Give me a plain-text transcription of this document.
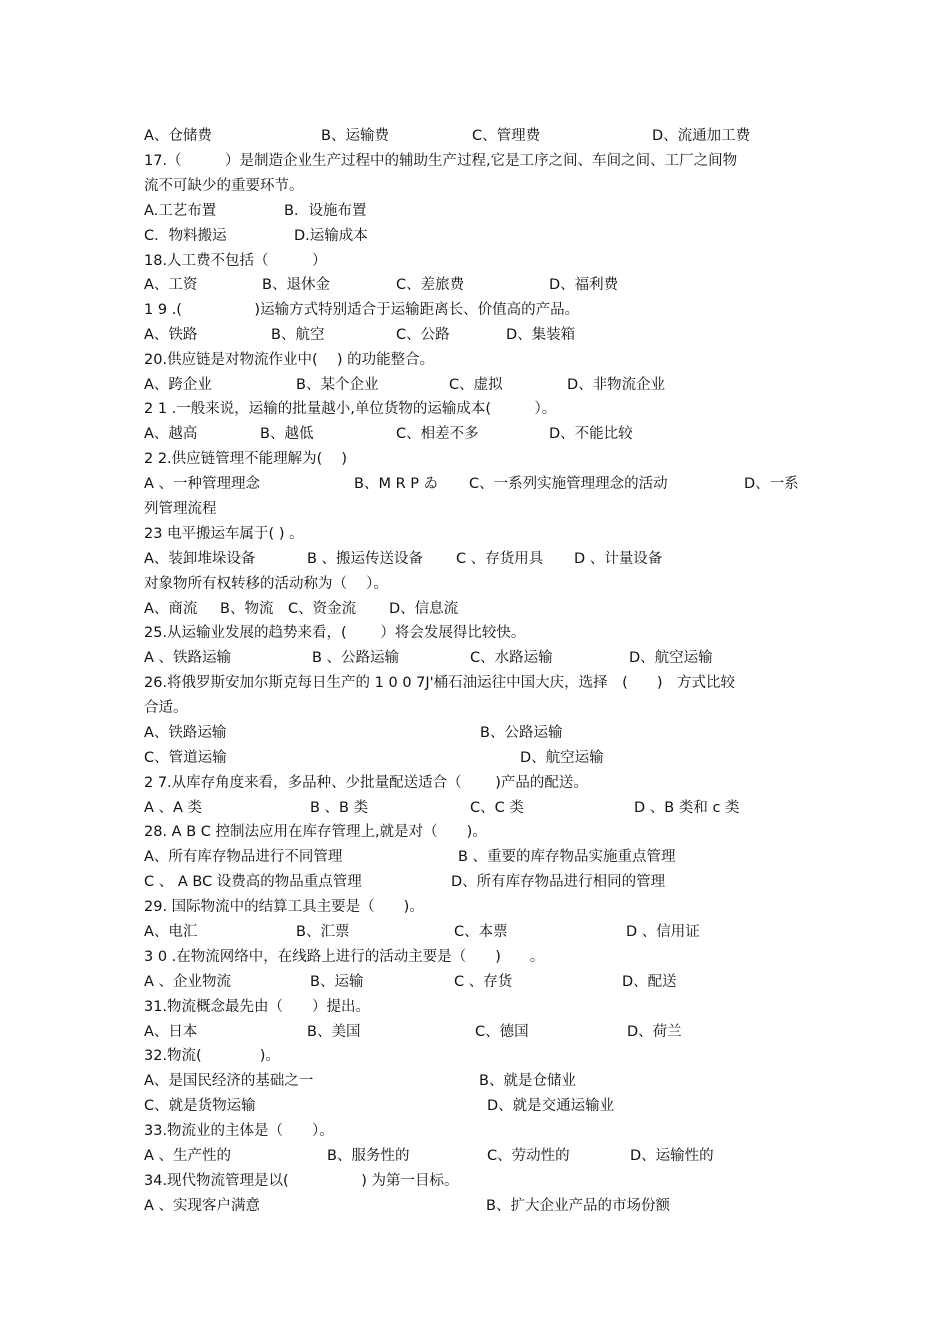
A、仓储费	B、运输费	C、管理费	D、流通加工费
17.（　　　）是制造企业生产过程中的辅助生产过程,它是工序之间、车间之间、工厂之间物
流不可缺少的重要环节。
A.工艺布置	B．设施布置
C．物料搬运	D.运输成本
18.人工费不包括（　　　）
A、工资	B、退休金	C、差旅费	D、福利费
1 9 .(　　　　　)运输方式特别适合于运输距离长、价值高的产品。
A、铁路	B、航空	C、公路	D、集装箱
20.供应链是对物流作业中(　 ) 的功能整合。
A、跨企业	B、某个企业	C、虚拟	D、非物流企业
2 1 .一般来说，运输的批量越小,单位货物的运输成本(　　　）。
A、越高	B、越低	C、相差不多	D、不能比较
2 2.供应链管理不能理解为(　 )
A 、一种管理理念	B、M R P ゐ C、一系列实施管理理念的活动	D、一系
列管理流程
23 电平搬运车属于( ) 。
A、装卸堆垛设备	B 、搬运传送设备 C 、存货用具 D 、计量设备
对象物所有权转移的活动称为（　 ）。
A、商流 B、物流 C、资金流 D、信息流
25.从运输业发展的趋势来看，(　　 ）将会发展得比较快。
A 、铁路运输	B 、公路运输	C、水路运输	D、航空运输
26.将俄罗斯安加尔斯克每日生产的 1 0 0 7J'桶石油运往中国大庆，选择　(　　)　方式比较
合适。
A、铁路运输	B、公路运输
C、管道运输	D、航空运输
2 7.从库存角度来看，多品种、少批量配送适合（　　 )产品的配送。
A 、A 类	B 、B 类	C、C 类	D 、B 类和 c 类
28. A B C 控制法应用在库存管理上,就是对（　　)。
A、所有库存物品进行不同管理	B 、重要的库存物品实施重点管理
C 、 A BC 设费高的物品重点管理	D、所有库存物品进行相同的管理
29. 国际物流中的结算工具主要是（　　)。
A、电汇	B、汇票	C、本票	D 、信用证
3 0 .在物流网络中，在线路上进行的活动主要是（　　)　　。
A 、企业物流	B、运输	C 、存货	D、配送
31.物流概念最先由（　　）提出。
A、日本	B、美国	C、德国	D、荷兰
32.物流(　　　　)。
A、是国民经济的基础之一	B、就是仓储业
C、就是货物运输	D、就是交通运输业
33.物流业的主体是（　　）。
A 、生产性的	B、服务性的	C、劳动性的	D、运输性的
34.现代物流管理是以(　　　　　) 为第一目标。
A 、实现客户满意	B、扩大企业产品的市场份额
